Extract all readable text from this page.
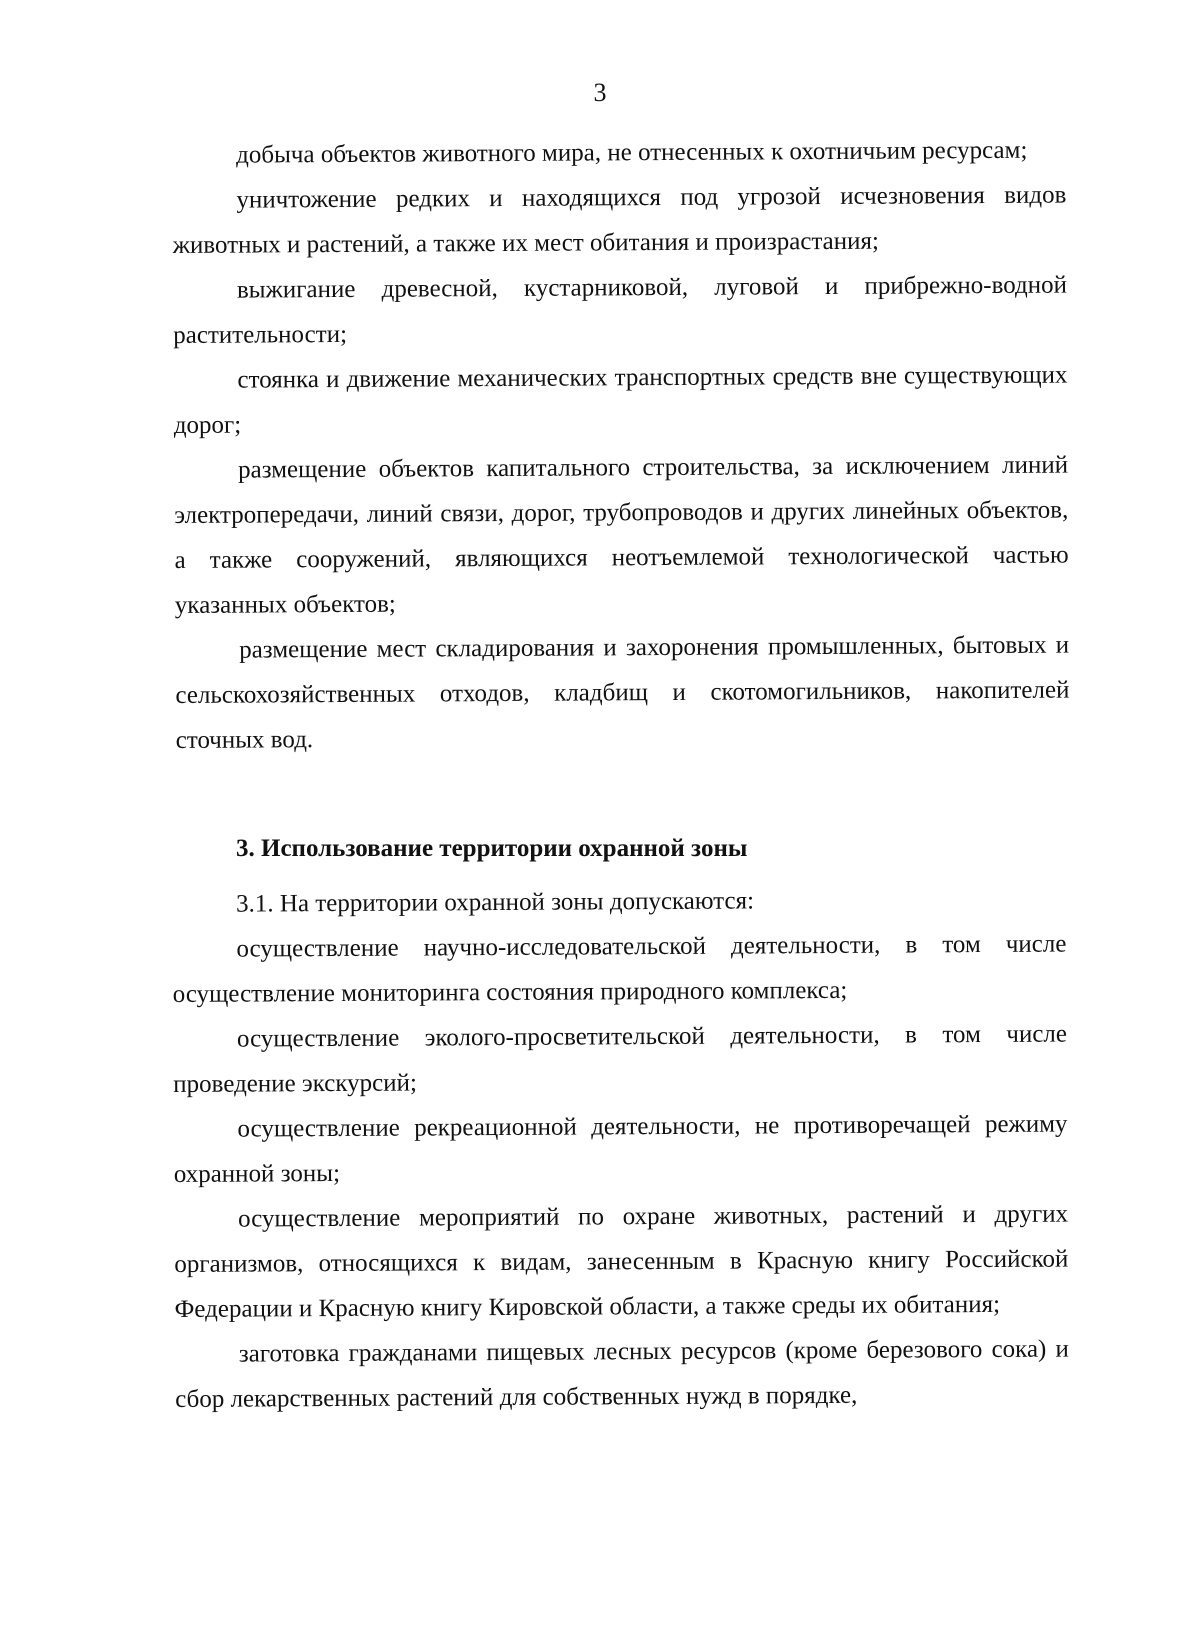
3

добыча объектов животного мира, не отнесенных к охотничьим ресурсам;

уничтожение редких и находящихся под угрозой исчезновения видов животных и растений, а также их мест обитания и произрастания;

выжигание древесной, кустарниковой, луговой и прибрежно-водной растительности;

стоянка и движение механических транспортных средств вне существующих дорог;

размещение объектов капитального строительства, за исключением линий электропередачи, линий связи, дорог, трубопроводов и других линейных объектов, а также сооружений, являющихся неотъемлемой технологической частью указанных объектов;

размещение мест складирования и захоронения промышленных, бытовых и сельскохозяйственных отходов, кладбищ и скотомогильников, накопителей сточных вод.

3. Использование территории охранной зоны

3.1. На территории охранной зоны допускаются:

осуществление научно-исследовательской деятельности, в том числе осуществление мониторинга состояния природного комплекса;

осуществление эколого-просветительской деятельности, в том числе проведение экскурсий;

осуществление рекреационной деятельности, не противоречащей режиму охранной зоны;

осуществление мероприятий по охране животных, растений и других организмов, относящихся к видам, занесенным в Красную книгу Российской Федерации и Красную книгу Кировской области, а также среды их обитания;

заготовка гражданами пищевых лесных ресурсов (кроме березового сока) и сбор лекарственных растений для собственных нужд в порядке,
